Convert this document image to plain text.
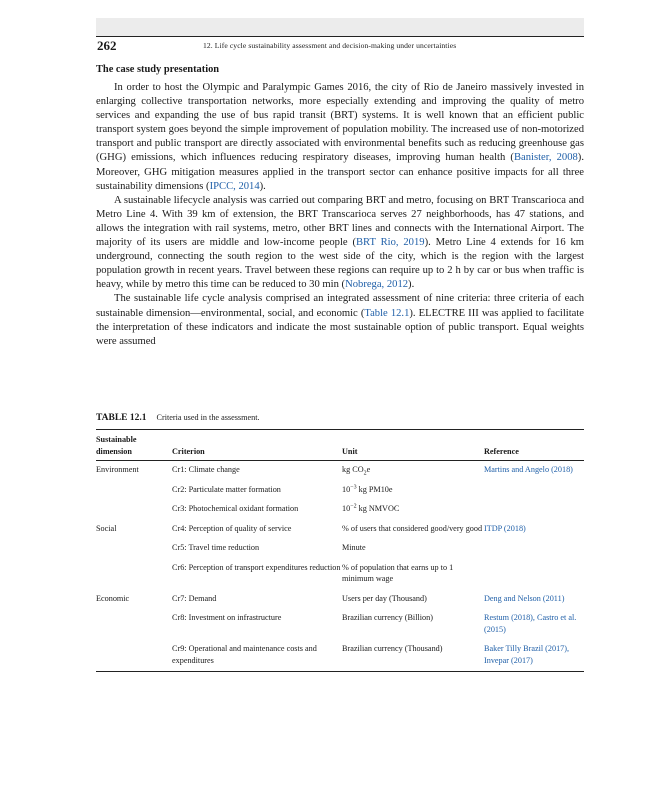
262	12. Life cycle sustainability assessment and decision-making under uncertainties
The case study presentation

In order to host the Olympic and Paralympic Games 2016, the city of Rio de Janeiro massively invested in enlarging collective transportation networks, more especially extending and improving the quality of metro services and expanding the use of bus rapid transit (BRT) systems. It is well known that an efficient public transport system goes beyond the simple improvement of population mobility. The increased use of non-motorized transport and public transport are directly associated with environmental benefits such as reducing greenhouse gas (GHG) emissions, which influences reducing respiratory diseases, improving human health (Banister, 2008). Moreover, GHG mitigation measures applied in the transport sector can enhance positive impacts for all three sustainability dimensions (IPCC, 2014).

A sustainable lifecycle analysis was carried out comparing BRT and metro, focusing on BRT Transcarioca and Metro Line 4. With 39 km of extension, the BRT Transcarioca serves 27 neighborhoods, has 47 stations, and allows the integration with rail systems, metro, other BRT lines and connects with the International Airport. The majority of its users are middle and low-income people (BRT Rio, 2019). Metro Line 4 extends for 16 km underground, connecting the south region to the west side of the city, which is the region with the largest population growth in recent years. Travel between these regions can require up to 2 h by car or bus when traffic is heavy, while by metro this time can be reduced to 30 min (Nobrega, 2012).

The sustainable life cycle analysis comprised an integrated assessment of nine criteria: three criteria of each sustainable dimension—environmental, social, and economic (Table 12.1). ELECTRE III was applied to facilitate the interpretation of these indicators and indicate the most sustainable option of public transport. Equal weights were assumed

TABLE 12.1 Criteria used in the assessment.
Sustainable
dimension	Criterion	Unit	Reference
Environment	Cr1: Climate change	kg $CO_2e$	Martins and Angelo (2018)
	Cr2: Particulate matter formation	$10^{-3}$ kg PM10e	
	Cr3: Photochemical oxidant formation	$10^{-2}$ kg NMVOC	
Social	Cr4: Perception of quality of service	% of users that considered good/very good	ITDP (2018)
	Cr5: Travel time reduction	Minute	
	Cr6: Perception of transport expenditures reduction	% of population that earns up to 1 minimum wage	
Economic	Cr7: Demand	Users per day (Thousand)	Deng and Nelson (2011)
	Cr8: Investment on infrastructure	Brazilian currency (Billion)	Restum (2018), Castro et al. (2015)
	Cr9: Operational and maintenance costs and expenditures	Brazilian currency (Thousand)	Baker Tilly Brazil (2017), Invepar (2017)
